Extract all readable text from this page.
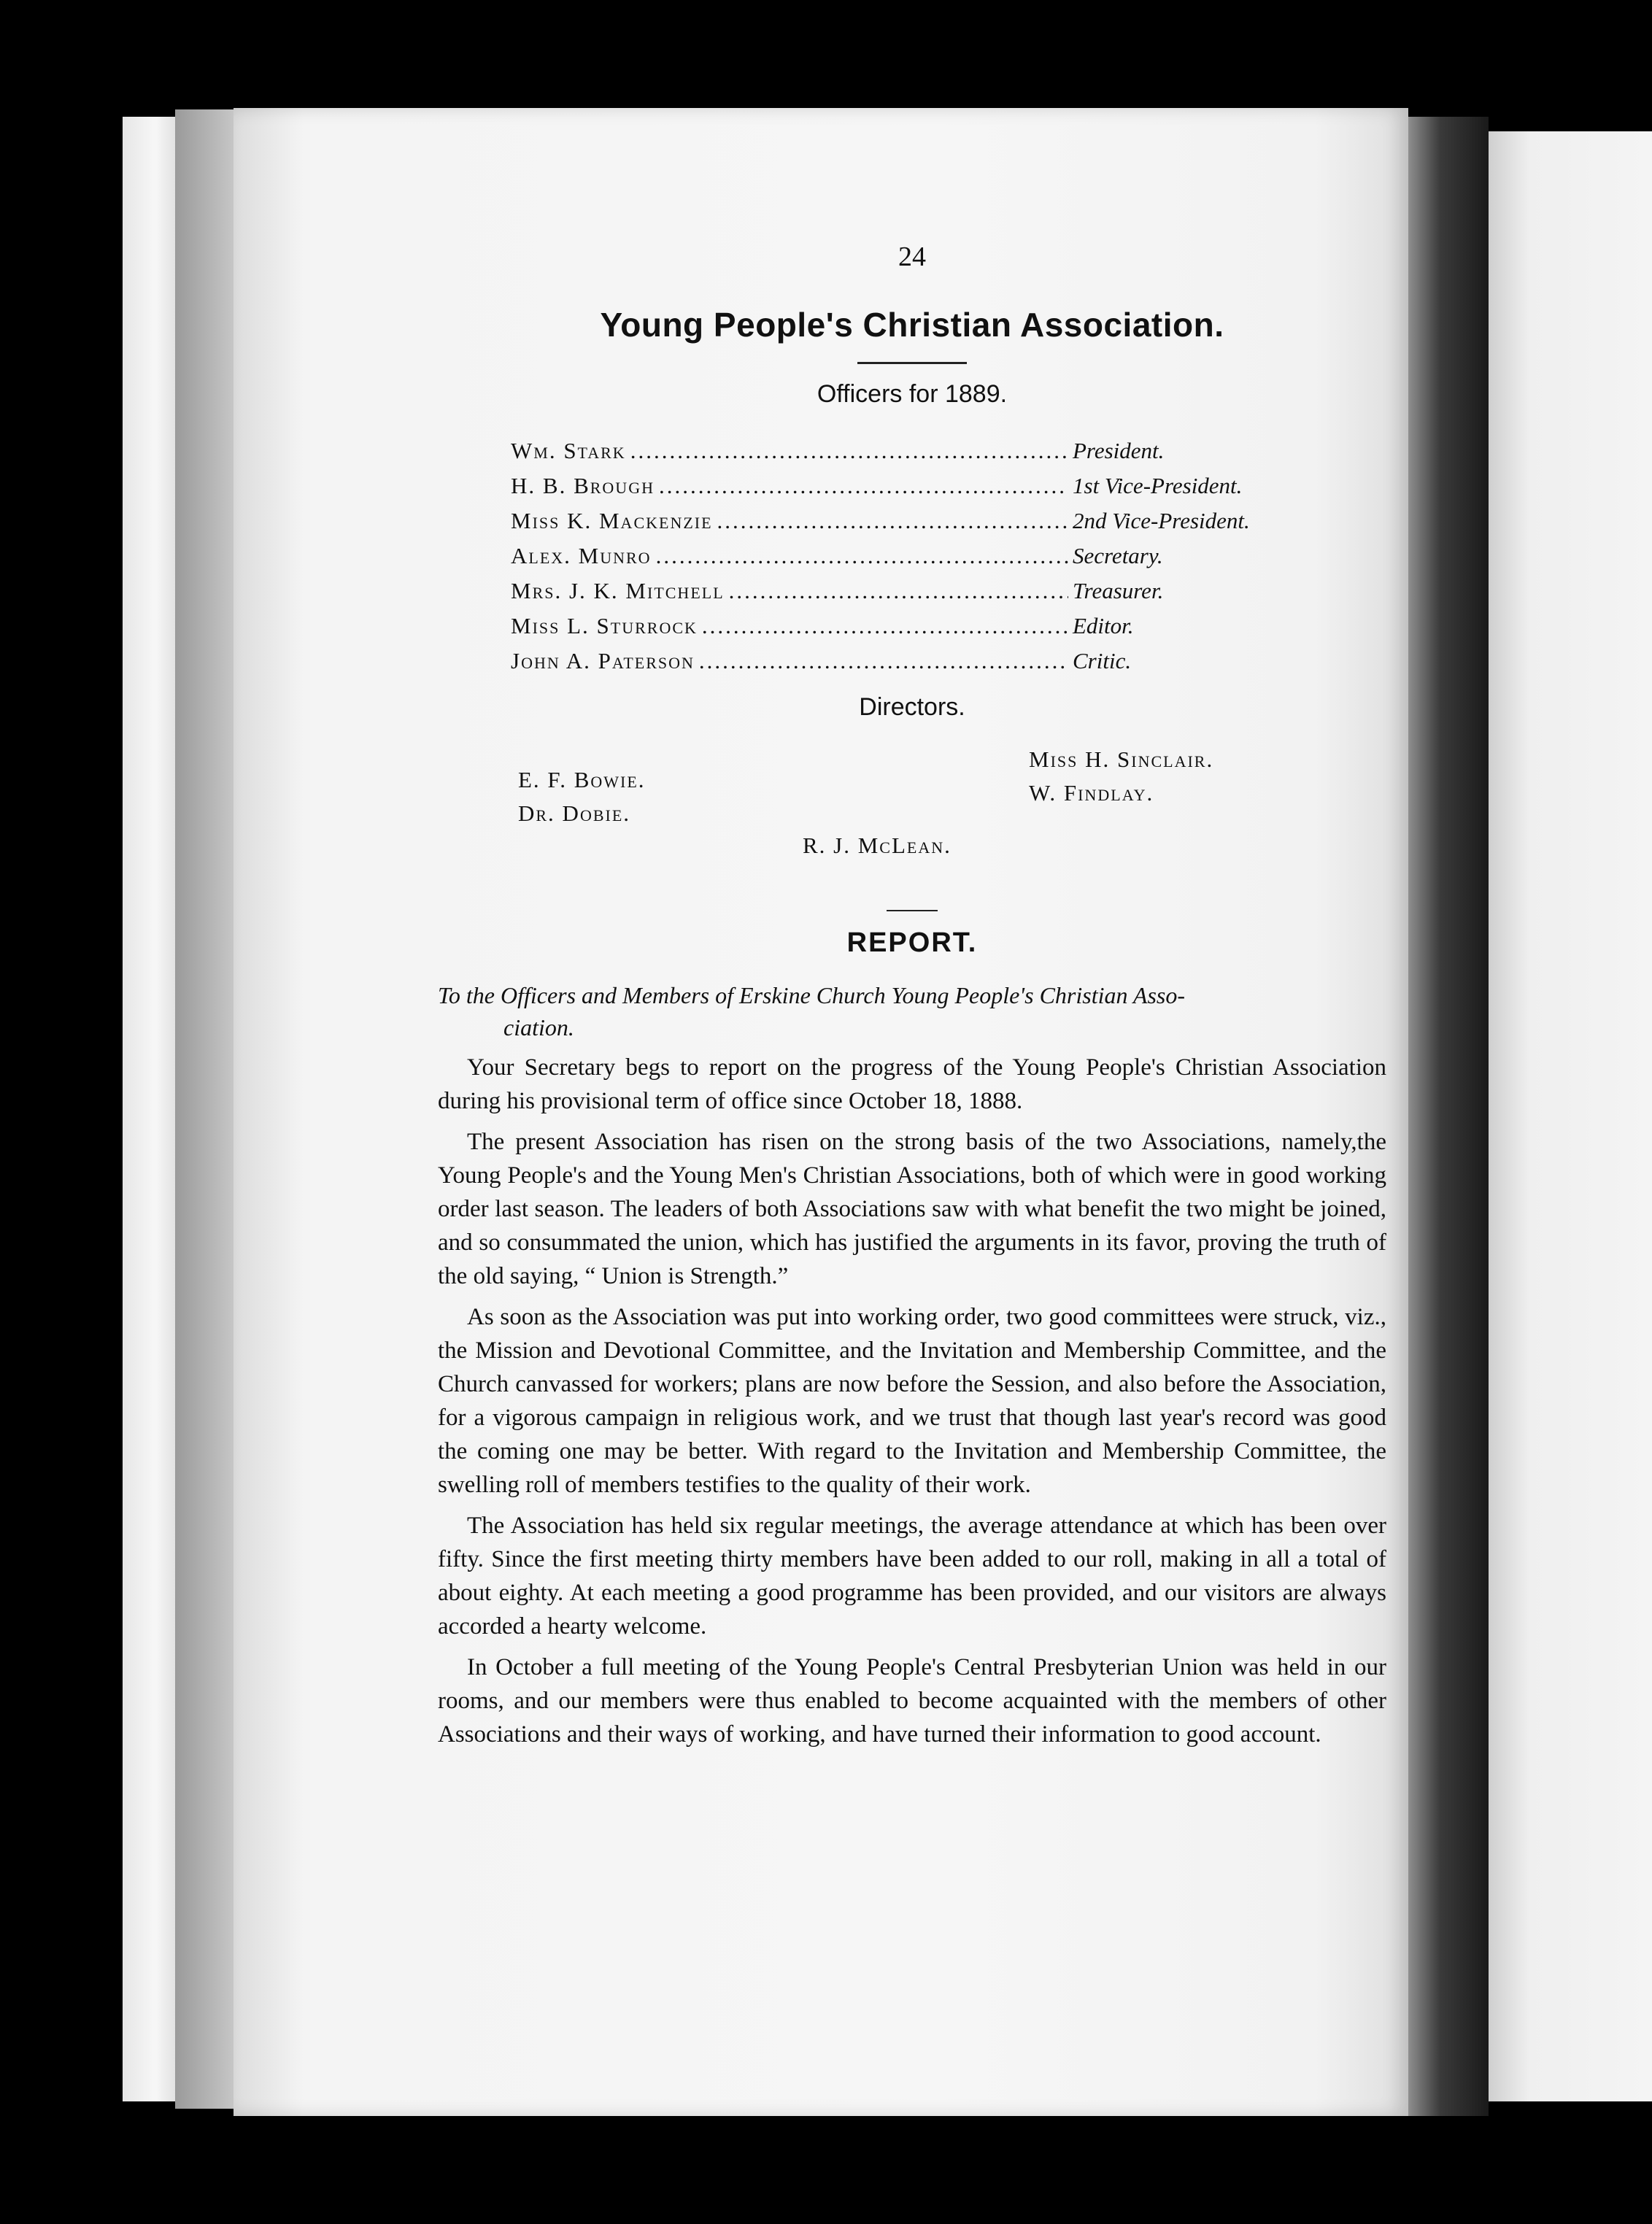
24
Young People's Christian Association.
Officers for 1889.
Wm. Stark .....	President.
H. B. Brough .....	1st Vice-President.
Miss K. Mackenzie .....	2nd Vice-President.
Alex. Munro .....	Secretary.
Mrs. J. K. Mitchell .....	Treasurer.
Miss L. Sturrock .....	Editor.
John A. Paterson .....	Critic.
Directors.
E. F. Bowie.
Dr. Dobie.
R. J. McLean.
Miss H. Sinclair.
W. Findlay.
REPORT.
To the Officers and Members of Erskine Church Young People's Christian Asso-
ciation.

Your Secretary begs to report on the progress of the Young People's Christian Association during his provisional term of office since October 18, 1888.

The present Association has risen on the strong basis of the two Associations, namely,the Young People's and the Young Men's Christian Associations, both of which were in good working order last season. The leaders of both Associations saw with what benefit the two might be joined, and so consummated the union, which has justified the arguments in its favor, proving the truth of the old saying, “ Union is Strength.”

As soon as the Association was put into working order, two good committees were struck, viz., the Mission and Devotional Committee, and the Invitation and Membership Committee, and the Church canvassed for workers; plans are now before the Session, and also before the Association, for a vigorous campaign in religious work, and we trust that though last year's record was good the coming one may be better. With regard to the Invitation and Membership Committee, the swelling roll of members testifies to the quality of their work.

The Association has held six regular meetings, the average attendance at which has been over fifty. Since the first meeting thirty members have been added to our roll, making in all a total of about eighty. At each meeting a good programme has been provided, and our visitors are always accorded a hearty welcome.

In October a full meeting of the Young People's Central Presbyterian Union was held in our rooms, and our members were thus enabled to become acquainted with the members of other Associations and their ways of working, and have turned their information to good account.
